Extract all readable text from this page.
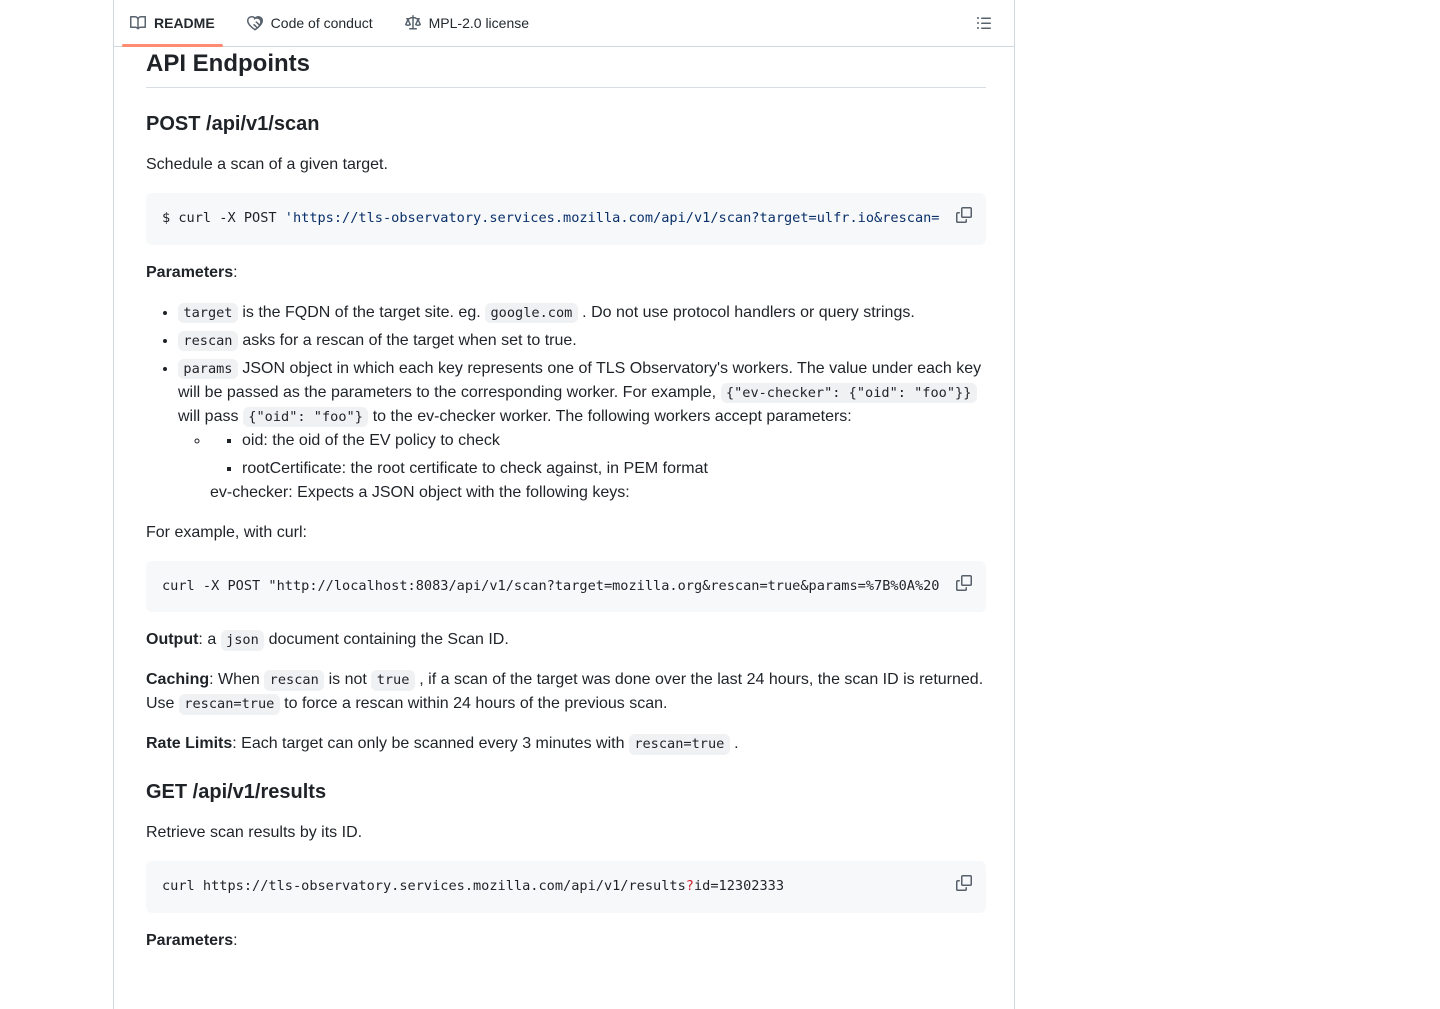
README	Code of conduct	MPL-2.0 license
API Endpoints
POST /api/v1/scan

Schedule a scan of a given target.

$ curl -X POST 'https://tls-observatory.services.mozilla.com/api/v1/scan?target=ulfr.io&rescan=

Parameters:

• target is the FQDN of the target site. eg. google.com . Do not use protocol handlers or query strings.
• rescan asks for a rescan of the target when set to true.
• params JSON object in which each key represents one of TLS Observatory's workers. The value under each key will be passed as the parameters to the corresponding worker. For example, {"ev-checker": {"oid": "foo"}} will pass {"oid": "foo"} to the ev-checker worker. The following workers accept parameters:
▪ ◦ oid: the oid of the EV policy to check
▪ rootCertificate: the root certificate to check against, in PEM format
ev-checker: Expects a JSON object with the following keys:

For example, with curl:

curl -X POST "http://localhost:8083/api/v1/scan?target=mozilla.org&rescan=true&params=%7B%0A%20

Output: a json document containing the Scan ID.

Caching: When rescan is not true , if a scan of the target was done over the last 24 hours, the scan ID is returned. Use rescan=true to force a rescan within 24 hours of the previous scan.

Rate Limits: Each target can only be scanned every 3 minutes with rescan=true .

GET /api/v1/results

Retrieve scan results by its ID.

curl https://tls-observatory.services.mozilla.com/api/v1/results?id=12302333

Parameters:
